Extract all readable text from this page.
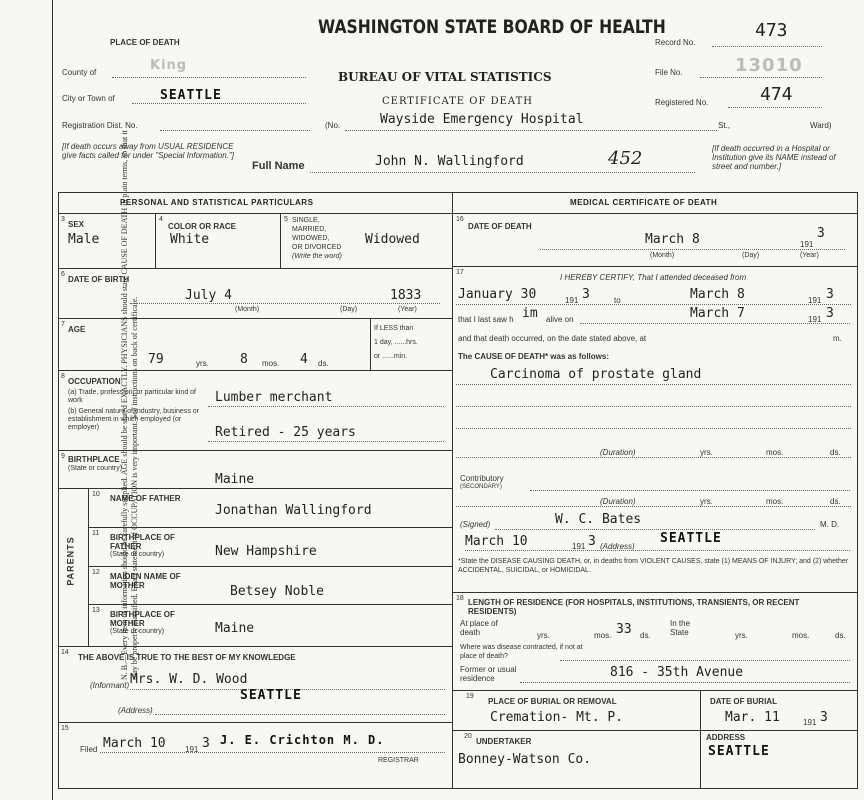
N. B.—Every item of information should be carefully supplied. AGE should be stated EXACTLY. PHYSICIANS should state CAUSE OF DEATH in plain terms, so that it may be properly classified. Exact statement of OCCUPATION is very important. See instructions on back of certificate.
WASHINGTON STATE BOARD OF HEALTH
BUREAU OF VITAL STATISTICS
CERTIFICATE OF DEATH
PLACE OF DEATH
County of	King
City or Town of	SEATTLE
Registration Dist. No.	(No.	Wayside Emergency Hospital	St.,	Ward)
Record No.
473
File No.	13010
Registered No.	474
[If death occurs away from USUAL RESIDENCE give facts called for under "Special Information."]
Full Name	John N. Wallingford	452	[If death occurred in a Hospital or Institution give its NAME instead of street and number.]
PERSONAL AND STATISTICAL PARTICULARS	MEDICAL CERTIFICATE OF DEATH
3
SEX
Male
4
COLOR OR RACE
White
5 SINGLE,
MARRIED,
WIDOWED,
OR DIVORCED
(Write the word)
Widowed
6
DATE OF BIRTH
July 4	1833
(Month)	(Day)	(Year)
7
AGE
79	yrs. 8 mos. 4 ds.
If LESS than
1 day, ......hrs.
or ......min.
8
OCCUPATION
(a) Trade, profession, or particular kind of work	Lumber merchant
(b) General nature of Industry, business or establishment in which employed (or employer)	Retired - 25 years
9 BIRTHPLACE
(State or country)
Maine
PARENTS
10 NAME OF FATHER
Jonathan Wallingford
11 BIRTHPLACE OF FATHER
(State or country)	New Hampshire
12 MAIDEN NAME OF MOTHER	Betsey Noble
13 BIRTHPLACE OF MOTHER
(State or country)	Maine
14
THE ABOVE IS TRUE TO THE BEST OF MY KNOWLEDGE
(Informant) Mrs. W. D. Wood
SEATTLE
(Address)
15
Filed March 10 191 3 J. E. Crichton M. D.
REGISTRAR
16
DATE OF DEATH
March 8	191
3
(Month)	(Day)	(Year)
17
I HEREBY CERTIFY, That I attended deceased from
January 30	191 3	to	March 8	191 3
that I last saw h im alive on	March 7	191 3
and that death occurred, on the date stated above, at	m.
The CAUSE OF DEATH* was as follows:
Carcinoma of prostate gland
(Duration)	yrs.	mos.	ds.
Contributory
(SECONDARY)
(Duration)	yrs.	mos.	ds.
(Signed)	W. C. Bates	M. D.
March 10	191 3 (Address)
SEATTLE
*State the DISEASE CAUSING DEATH, or, in deaths from VIOLENT CAUSES, state (1) MEANS OF INJURY; and (2) whether ACCIDENTAL, SUICIDAL, or HOMICIDAL.
18 LENGTH OF RESIDENCE (FOR HOSPITALS, INSTITUTIONS, TRANSIENTS, OR RECENT RESIDENTS)
At place of death	yrs.	mos. 33 ds.
In the State	yrs.	mos.	ds.
Where was disease contracted, if not at place of death?
Former or usual residence	816 - 35th Avenue
19
PLACE OF BURIAL OR REMOVAL
Cremation- Mt. P.
DATE OF BURIAL
Mar. 11	191 3
20
UNDERTAKER
Bonney-Watson Co.
ADDRESS
SEATTLE
